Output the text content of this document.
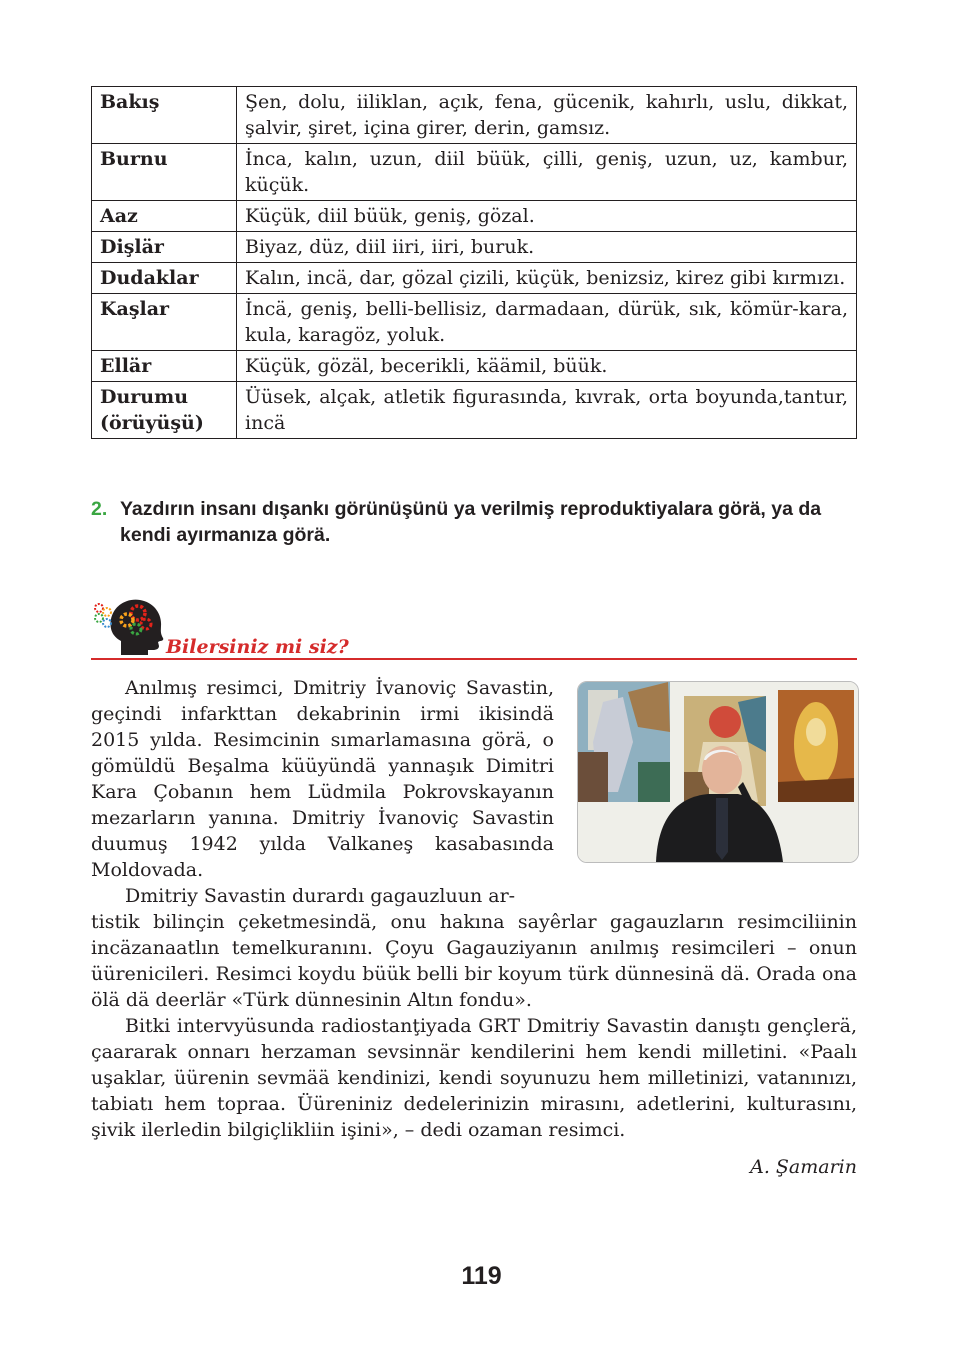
Bakış	Şen, dolu, iiliklan, açık, fena, gücenik, kahırlı, uslu, dikkat, şalvir, şiret, içina girer, derin, gamsız.
Burnu	İnca, kalın, uzun, diil büük, çilli, geniş, uzun, uz, kambur, küçük.
Aaz	Küçük, diil büük, geniş, gözal.
Dişlär	Biyaz, düz, diil iiri, iiri, buruk.
Dudaklar	Kalın, incä, dar, gözal çizili, küçük, benizsiz, kirez gibi kırmızı.
Kaşlar	İncä, geniş, belli-bellisiz, darmadaan, dürük, sık, kömür-kara, kula, karagöz, yoluk.
Ellär	Küçük, gözäl, becerikli, käämil, büük.
Durumu (örüyüşü)	Üüsek, alçak, atletik figurasında, kıvrak, orta boyunda,tantur, incä
2. Yazdırın insanı dışankı görünüşünü ya verilmiş reproduktiyalara görä, ya da kendi ayırmanıza görä.
Bilersiniz mi siz?

Anılmış resimci, Dmitriy İvanoviç Savastin, geçindi infarkttan dekabrinin irmi ikisindä 2015 yılda. Resimcinin sımarlamasına görä, o gömüldü Beşalma küüyündä yannaşık Dimitri Kara Çobanın hem Lüdmila Pokrovskayanın mezarların yanına. Dmitriy İvanoviç Savastin duumuş 1942 yılda Valkaneş kasabasında Moldovada.

Dmitriy Savastin durardı gagauzluun ar-

tistik bilinçin çeketmesindä, onu hakına sayêrlar gagauzların resimciliinin incäzanaatlın temelkuranını. Çoyu Gagauziyanın anılmış resimcileri – onun üürenicileri. Resimci koydu büük belli bir koyum türk dünnesinä dä. Orada ona ölä dä deerlär «Türk dünnesinin Altın fondu».

Bitki intervyüsunda radiostanţiyada GRT Dmitriy Savastin danıştı gençlerä, çaararak onnarı herzaman sevsinnär kendilerini hem kendi milletini. «Paalı uşaklar, üürenin sevmää kendinizi, kendi soyunuzu hem milletinizi, vatanınızı, tabiatı hem topraa. Üüreniniz dedelerinizin mirasını, adetlerini, kulturasını, şivik ilerledin bilgiçlikliin işini», – dedi ozaman resimci.

A. Şamarin
119
